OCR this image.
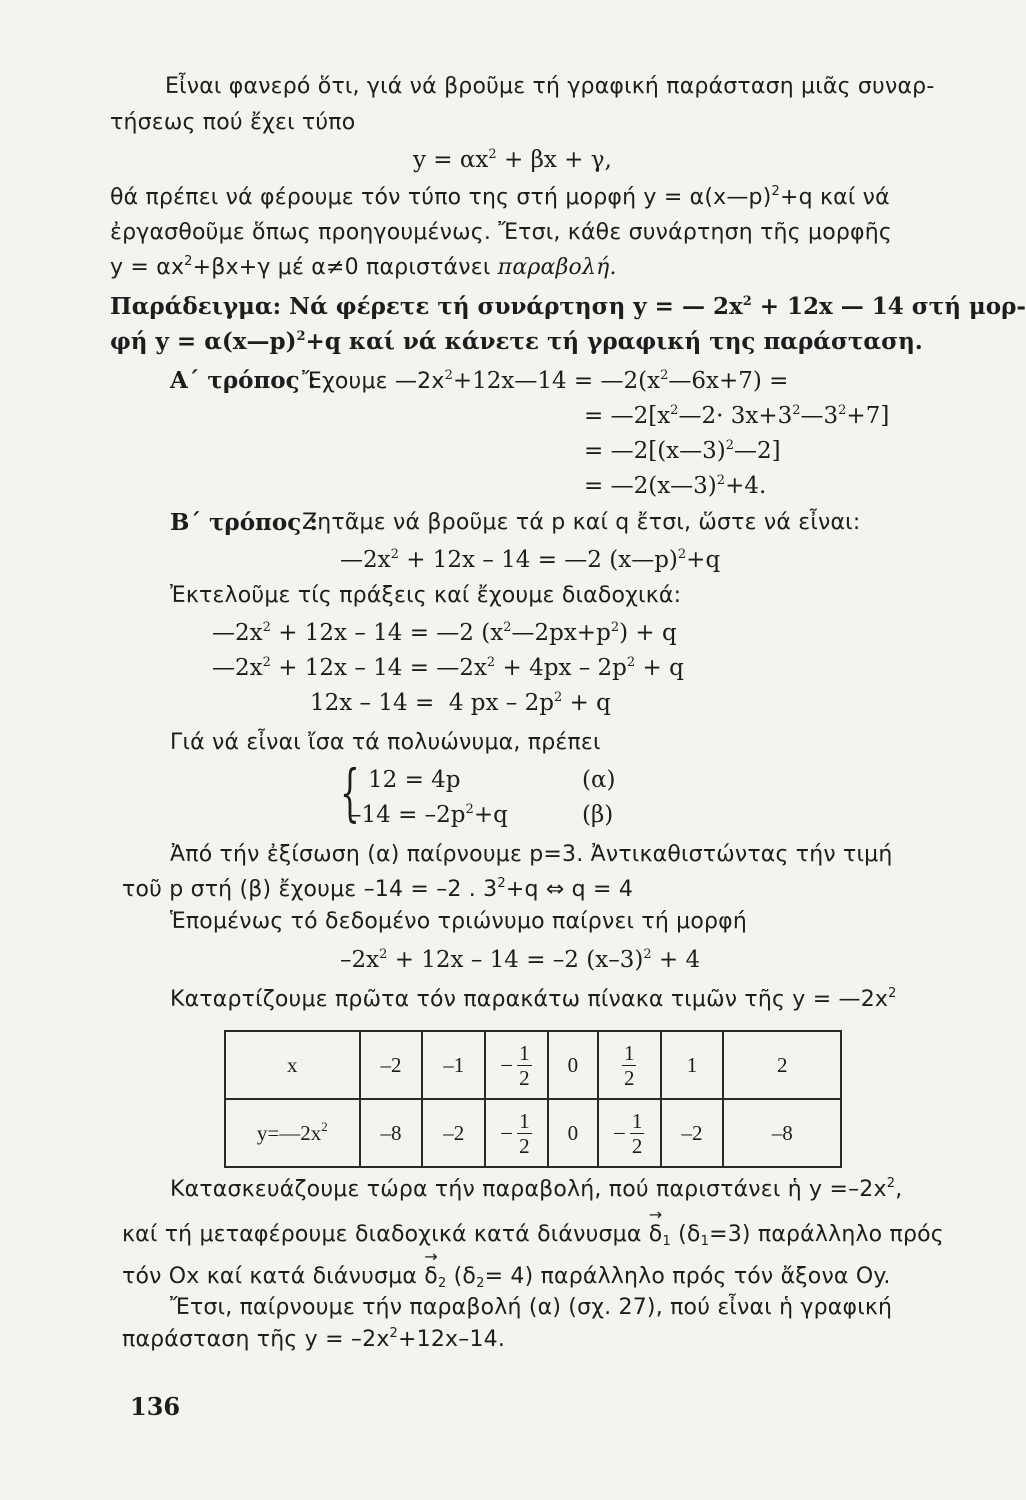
Εἶναι φανερό ὅτι, γιά νά βροῦμε τή γραφική παράσταση μιᾶς συναρ-
τήσεως πού ἔχει τύπο
$y = \alpha x^2 + \beta x + \gamma$,
θά πρέπει νά φέρουμε τόν τύπο της στή μορφή y = α(x—p)$^2$+q καί νά
ἐργασθοῦμε ὅπως προηγουμένως. Ἔτσι, κάθε συνάρτηση τῆς μορφῆς
$y = \alpha x^2+\beta x+\gamma$ μέ α≠0 παριστάνει παραβολή.
Παράδειγμα: Νά φέρετε τή συνάρτηση y = — $2x^2 + 12x$ — 14 στή μορ-
φή y = α(x—p)$^2$+q καί νά κάνετε τή γραφική της παράσταση.
Α΄ τρόπος :
Ἔχουμε $—2x^2+12x—14$ = $—2(x^2—6x+7)$ =
= $—2[x^2—2\cdot$ $3x+3^2—3^2+7$]
= —2[(x—3)$^2$—2]
= —2(x—3)$^2$+4.
Β΄ τρόπος :
Ζητᾶμε νά βροῦμε τά p καί q ἔτσι, ὥστε νά εἶναι:
$—2x^2 + 12x - 14$ = —2 (x—p)$^2$+q
Ἐκτελοῦμε τίς πράξεις καί ἔχουμε διαδοχικά:
$—2x^2 + 12x - 14$ = —2 $(x^2—2px+p^2) + q$
$—2x^2 + 12x - 14$ = $—2x^2 + 4px - 2p^2 + q$
12x – 14 =  4 px – $2p^2 + q$
Γιά νά εἶναι ἴσα τά πολυώνυμα, πρέπει
{ 12 = 4p	(α)
$-14 = -2p^2+q$	(β)
Ἀπό τήν ἐξίσωση (α) παίρνουμε p=3. Ἀντικαθιστώντας τήν τιμή
τοῦ p στή (β) ἔχουμε –14 = –2 . $3^2+q$ ⇔ q = 4
Ἑπομένως τό δεδομένο τριώνυμο παίρνει τή μορφή
$-2x^2 + 12x - 14 = -2$ $(x-3)^2 + 4$
Καταρτίζουμε πρῶτα τόν παρακάτω πίνακα τιμῶν τῆς $y = —2x^2$
x	–2	–1	– $\frac{1}{2}$	0	$\frac{1}{2}$	1	2
$y=—2x^2$	–8	–2	– $\frac{1}{2}$	0	– $\frac{1}{2}$	–2	–8
Κατασκευάζουμε τώρα τήν παραβολή, πού παριστάνει ἡ $y =-2x^2$,
καί τή μεταφέρουμε διαδοχικά κατά $\delta\iota ά\nu\upsilon\sigma\mu\alpha \to \delta_1$ $(\delta_1=3)$ παράλληλο πρός
τόν Ox καί κατά $\delta\iota ά\nu\upsilon\sigma\mu\alpha \to \delta_2$ $(\delta_2= 4)$ παράλληλο πρός τόν ἄξονα Oy.
Ἔτσι, παίρνουμε τήν παραβολή (α) (σχ. 27), πού εἶναι ἡ γραφική
παράσταση τῆς $y = -2x^2+12x-14$.
136
